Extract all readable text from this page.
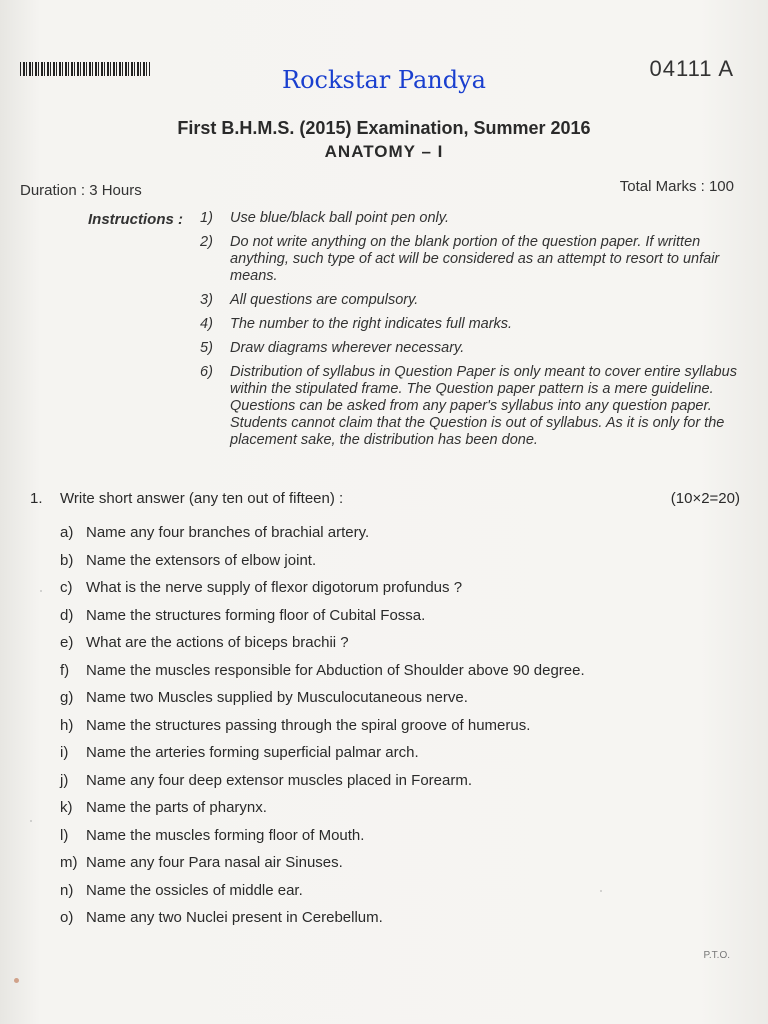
04111 A
Rockstar Pandya
First B.H.M.S. (2015) Examination, Summer 2016
ANATOMY – I
Duration : 3 Hours	Total Marks : 100
Instructions : 1) Use blue/black ball point pen only.
2) Do not write anything on the blank portion of the question paper. If written anything, such type of act will be considered as an attempt to resort to unfair means.
3) All questions are compulsory.
4) The number to the right indicates full marks.
5) Draw diagrams wherever necessary.
6) Distribution of syllabus in Question Paper is only meant to cover entire syllabus within the stipulated frame. The Question paper pattern is a mere guideline. Questions can be asked from any paper's syllabus into any question paper. Students cannot claim that the Question is out of syllabus. As it is only for the placement sake, the distribution has been done.
1. Write short answer (any ten out of fifteen) :	(10×2=20)
a) Name any four branches of brachial artery.
b) Name the extensors of elbow joint.
c) What is the nerve supply of flexor digotorum profundus ?
d) Name the structures forming floor of Cubital Fossa.
e) What are the actions of biceps brachii ?
f) Name the muscles responsible for Abduction of Shoulder above 90 degree.
g) Name two Muscles supplied by Musculocutaneous nerve.
h) Name the structures passing through the spiral groove of humerus.
i) Name the arteries forming superficial palmar arch.
j) Name any four deep extensor muscles placed in Forearm.
k) Name the parts of pharynx.
l) Name the muscles forming floor of Mouth.
m) Name any four Para nasal air Sinuses.
n) Name the ossicles of middle ear.
o) Name any two Nuclei present in Cerebellum.
P.T.O.
